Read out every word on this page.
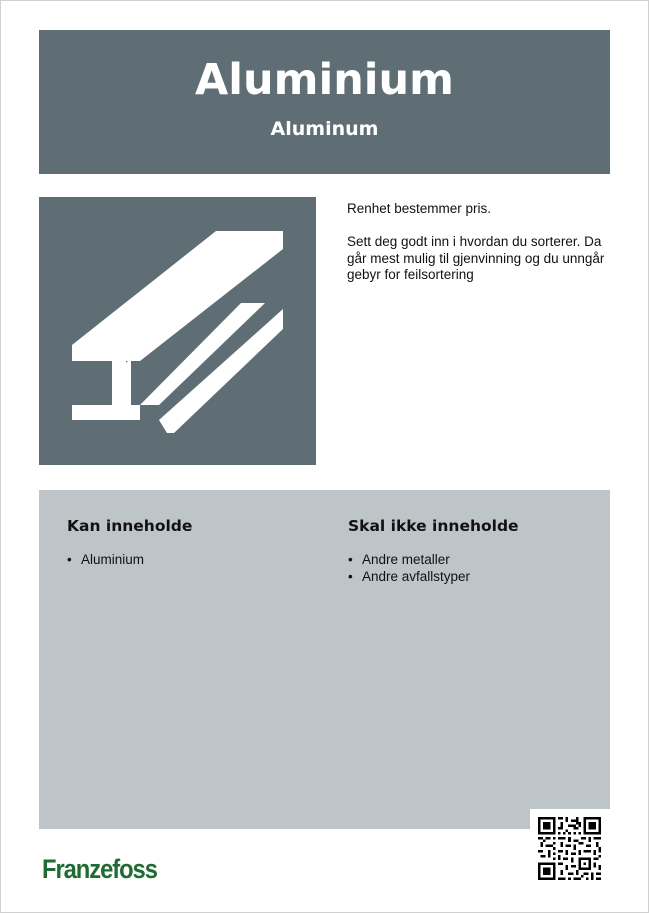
Aluminium
Aluminum

Renhet bestemmer pris.

Sett deg godt inn i hvordan du sorterer. Da går mest mulig til gjenvinning og du unngår gebyr for feilsortering

Kan inneholde
• Aluminium
Skal ikke inneholde
• Andre metaller
• Andre avfallstyper
Franzefoss
